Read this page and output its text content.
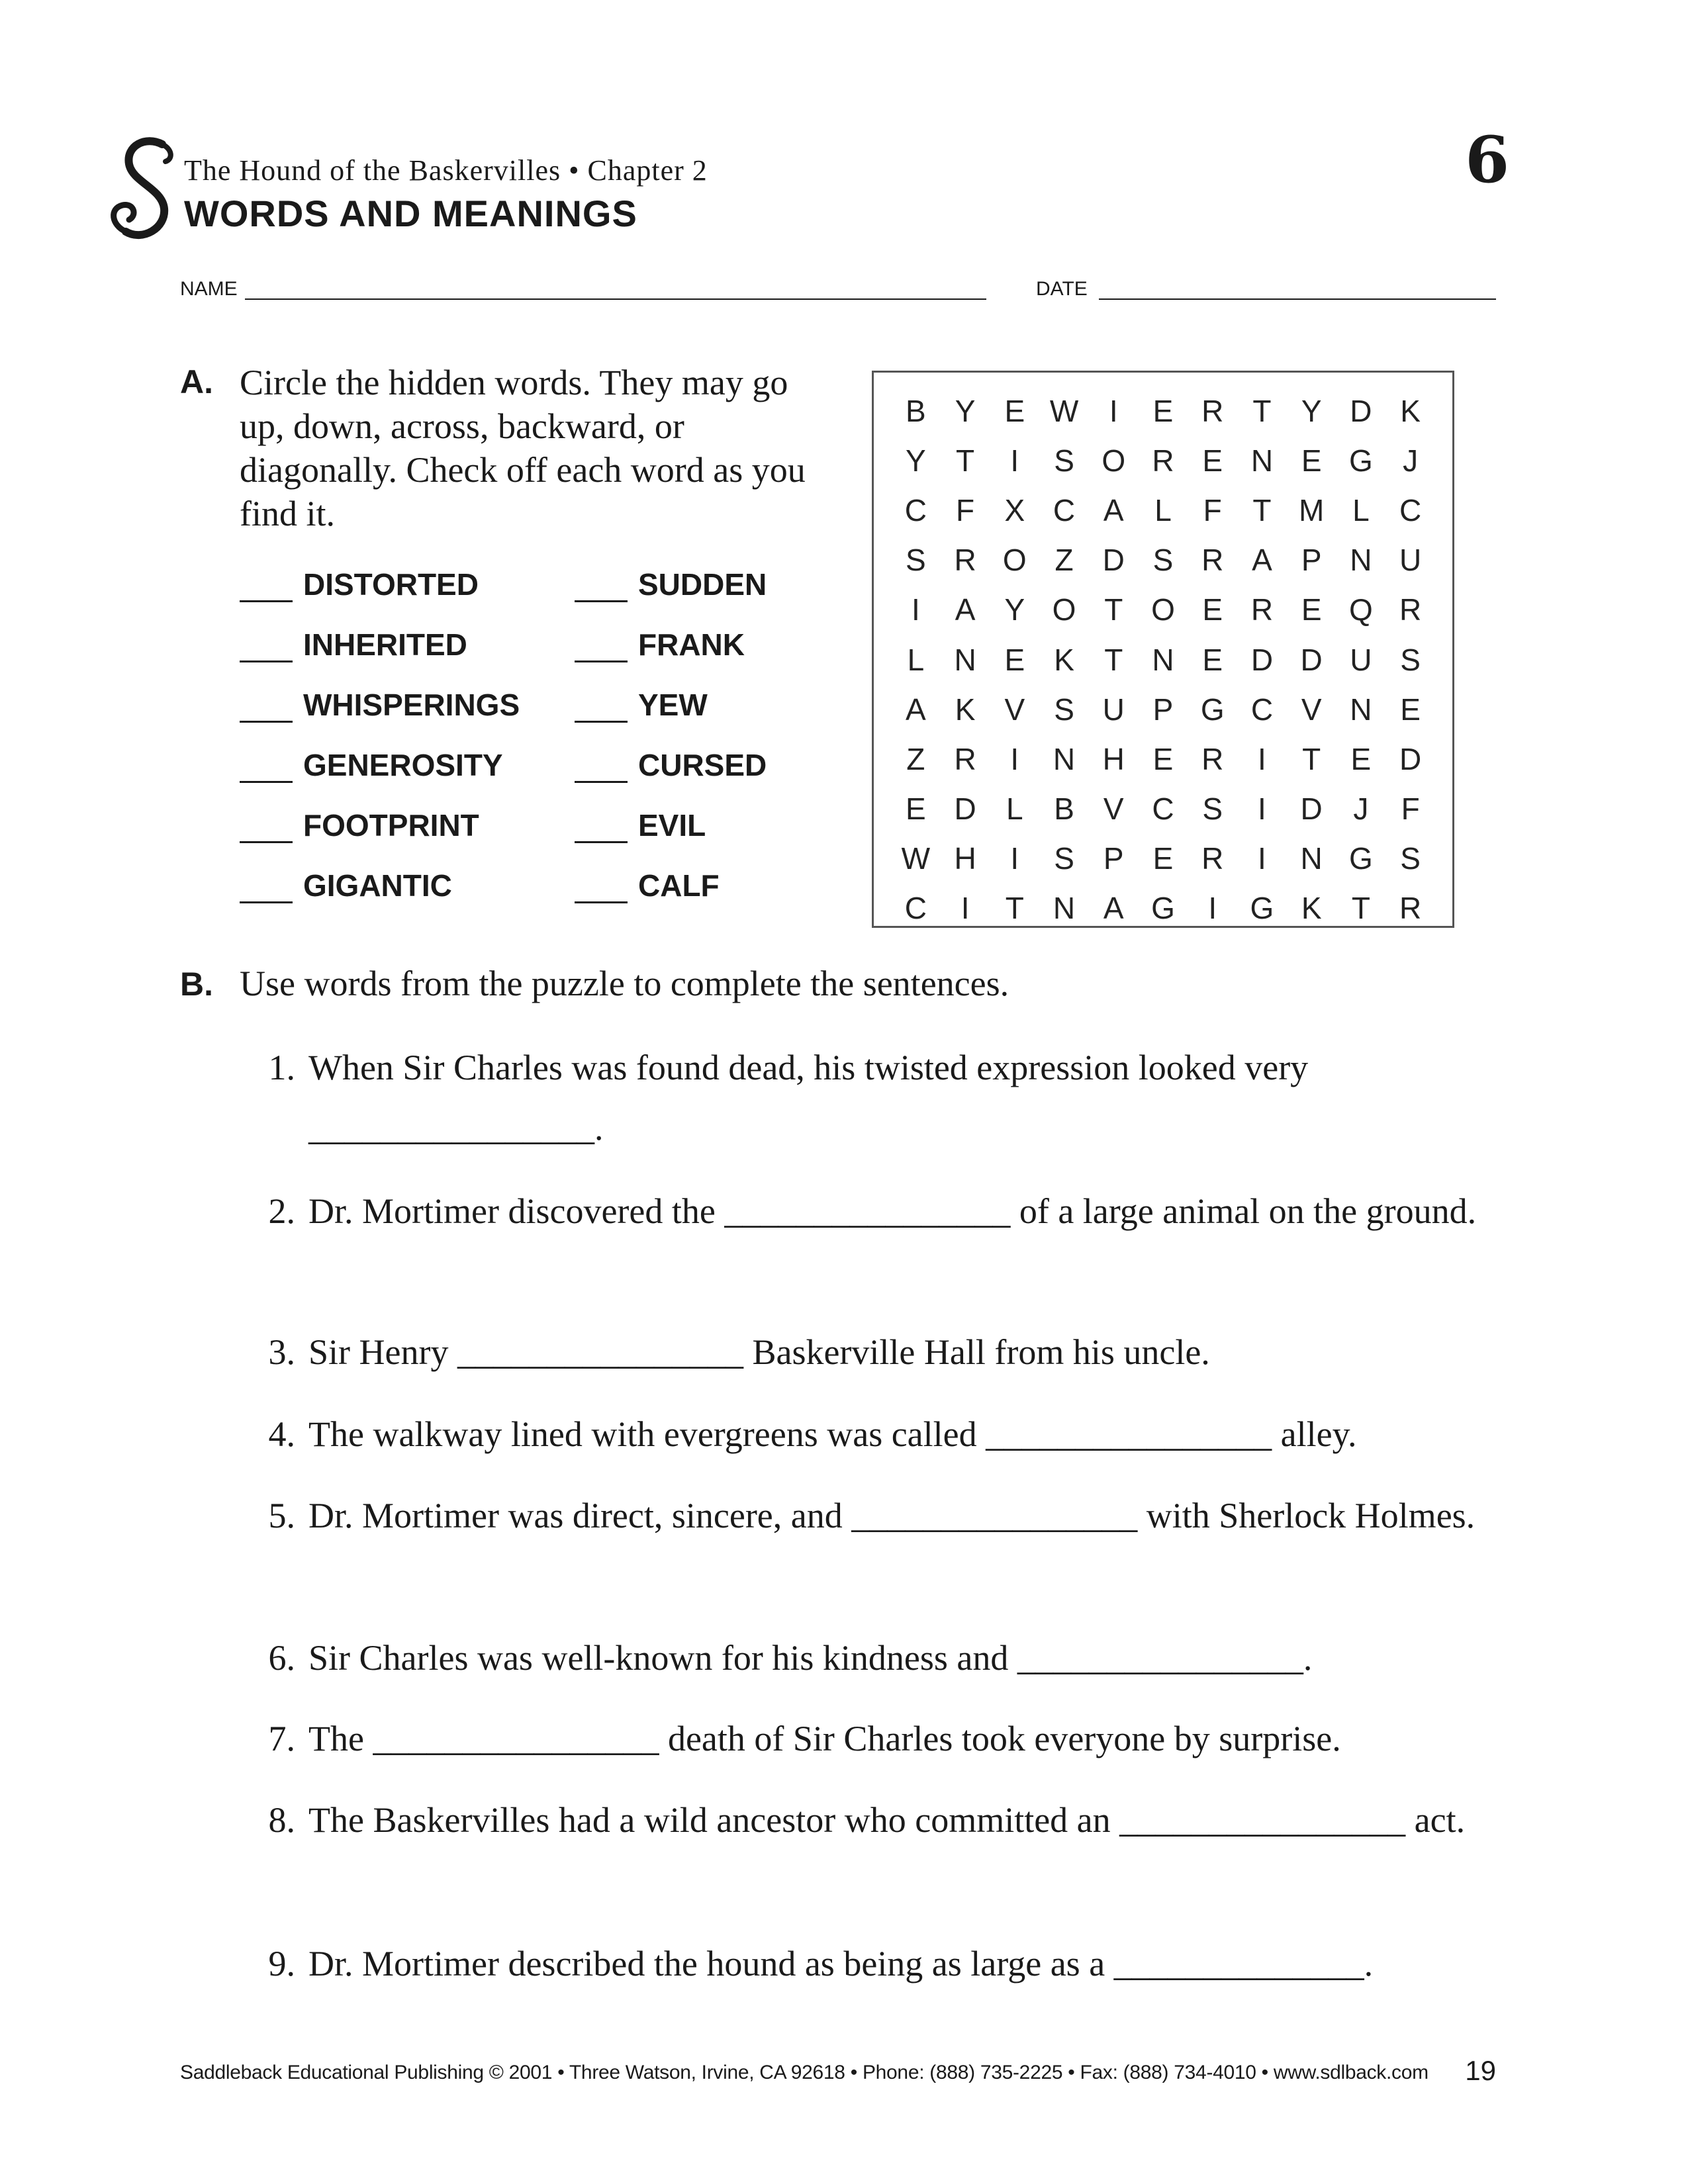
The Hound of the Baskervilles • Chapter 2
WORDS AND MEANINGS
6
NAME	DATE
A. Circle the hidden words. They may go up, down, across, backward, or diagonally. Check off each word as you find it.
DISTORTED
INHERITED
WHISPERINGS
GENEROSITY
FOOTPRINT
GIGANTIC
SUDDEN
FRANK
YEW
CURSED
EVIL
CALF
B Y E W	I	E R T Y D K
Y T	I	S O R E N E G J
C F X C A	L	F	T M L C
S R O Z D S R A P N U
I	A Y O T O E R E Q R
L N E K T N E D D U S
A K V S U P G C V N E
Z R	I	N H E R	I	T E D
E D L	B V C S	I	D	J	F
W H	I	S P E R	I	N G S
C	I	T N A G	I	G K T R
B. Use words from the puzzle to complete the sentences.
1. When Sir Charles was found dead, his twisted expression looked very ________________.
2. Dr. Mortimer discovered the ________________ of a large animal on the ground.
3. Sir Henry ________________ Baskerville Hall from his uncle.
4. The walkway lined with evergreens was called ________________ alley.
5. Dr. Mortimer was direct, sincere, and ________________ with Sherlock Holmes.
6. Sir Charles was well-known for his kindness and ________________.
7. The ________________ death of Sir Charles took everyone by surprise.
8. The Baskervilles had a wild ancestor who committed an ________________ act.
9. Dr. Mortimer described the hound as being as large as a ______________.
Saddleback Educational Publishing © 2001 • Three Watson, Irvine, CA 92618 • Phone: (888) 735-2225 • Fax: (888) 734-4010 • www.sdlback.com	19
